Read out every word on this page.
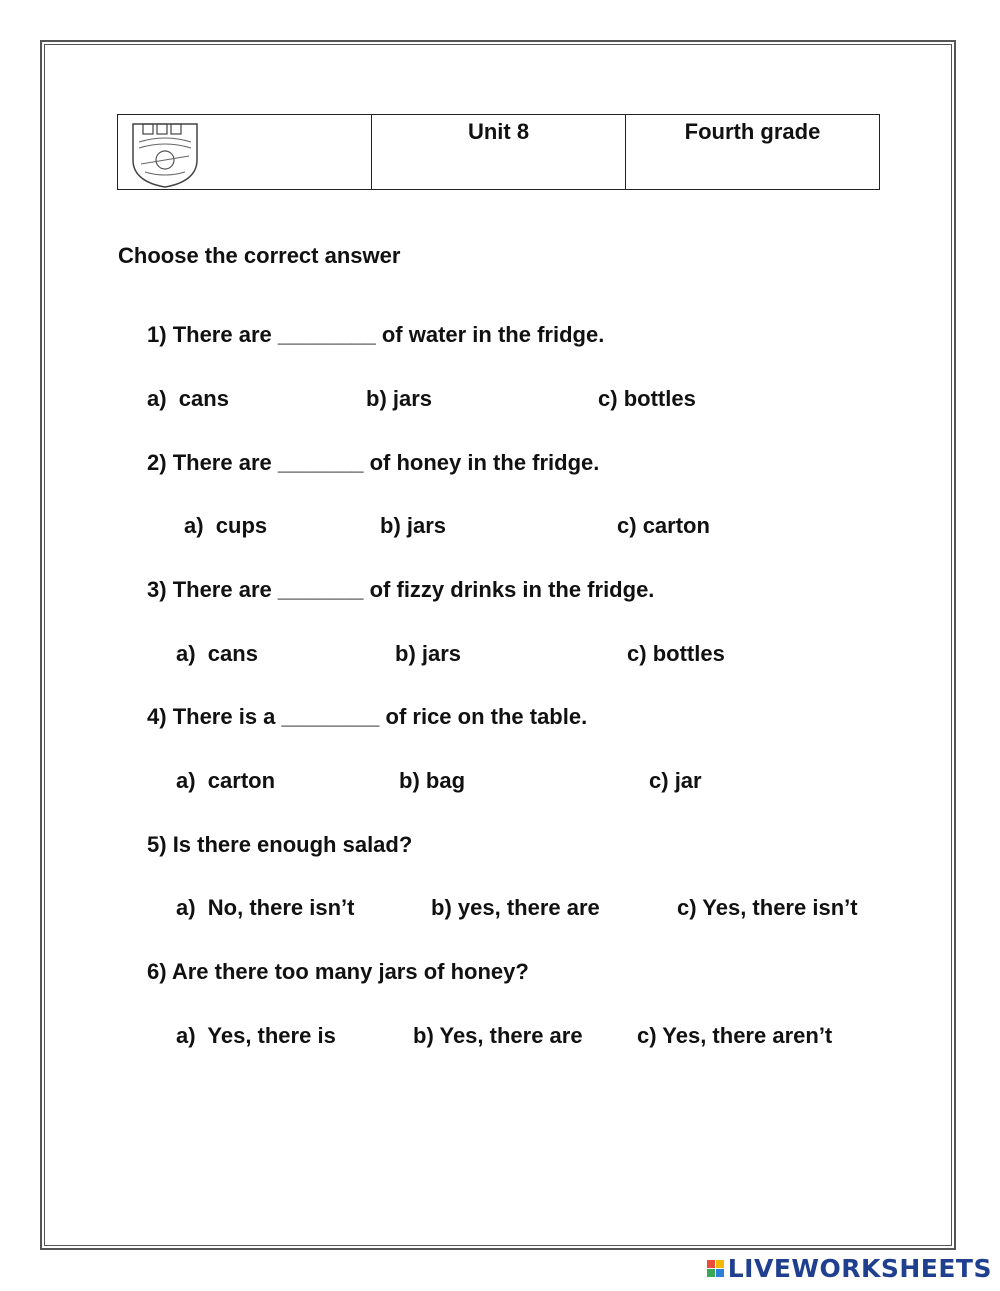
	Unit 8	Fourth grade

Choose the correct answer

1) There are ________ of water in the fridge.
a) cans	b) jars	c) bottles
2) There are _______ of honey in the fridge.
a) cups	b) jars	c) carton
3) There are _______ of fizzy drinks in the fridge.
a) cans	b) jars	c) bottles
4) There is a ________ of rice on the table.
a) carton	b) bag	c) jar
5) Is there enough salad?
a) No, there isn’t	b) yes, there are	c) Yes, there isn’t
6) Are there too many jars of honey?
a) Yes, there is	b) Yes, there are c) Yes, there aren’t
LIVEWORKSHEETS
